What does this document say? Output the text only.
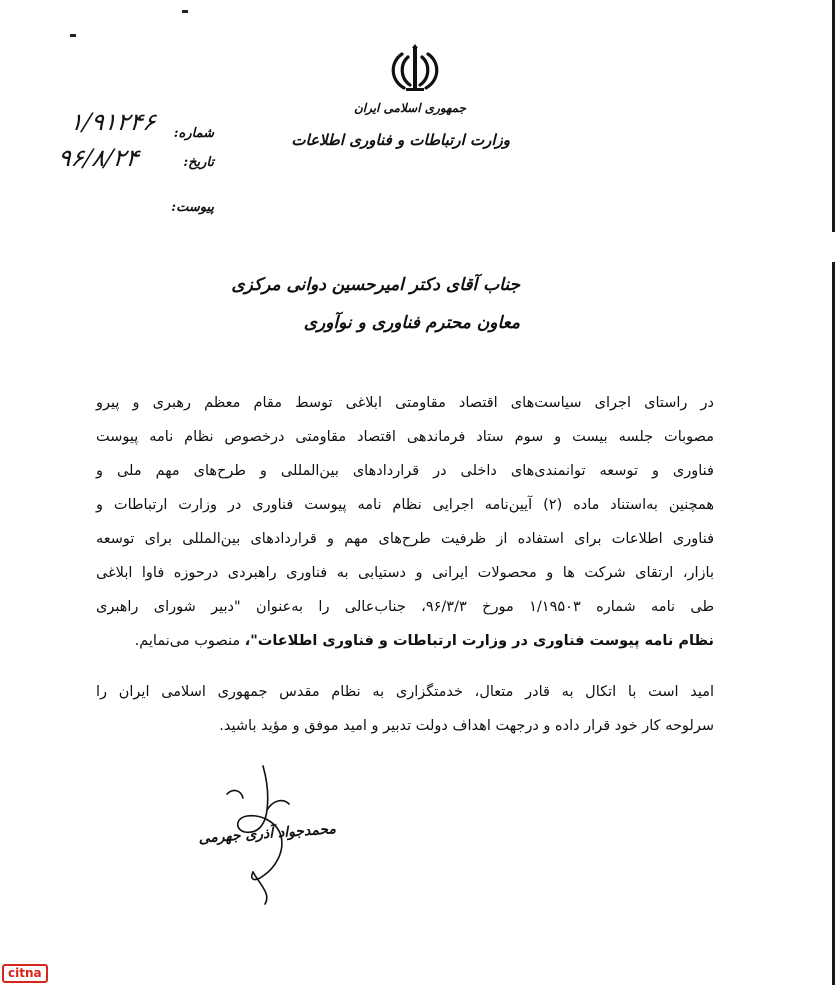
جمهوری اسلامی ایران
وزارت ارتباطات و فناوری اطلاعات
شماره:
تاریخ:
پیوست:
۱/۹۱۲۴۶
۹۶/۸/۲۴
جناب آقای دکتر امیرحسین دوانی مرکزی
معاون محترم فناوری و نوآوری
در راستای اجرای سیاست‌های اقتصاد مقاومتی ابلاغی توسط مقام معظم رهبری و پیرو
مصوبات جلسه بیست و سوم ستاد فرماندهی اقتصاد مقاومتی درخصوص نظام نامه پیوست
فناوری و توسعه توانمندی‌های داخلی در قراردادهای بین‌المللی و طرح‌های مهم ملی و
همچنین به‌استناد ماده (۲) آیین‌نامه اجرایی نظام نامه پیوست فناوری در وزارت ارتباطات و
فناوری اطلاعات برای استفاده از ظرفیت طرح‌های مهم و قراردادهای بین‌المللی برای توسعه
بازار، ارتقای شرکت ها و محصولات ایرانی و دستیابی به فناوری راهبردی درحوزه فاوا ابلاغی
طی نامه شماره ۱/۱۹۵۰۳ مورخ ۹۶/۳/۳، جناب‌عالی را به‌عنوان "دبیر شورای راهبری
نظام نامه پیوست فناوری در وزارت ارتباطات و فناوری اطلاعات"، منصوب می‌نمایم.
امید است با اتکال به قادر متعال، خدمتگزاری به نظام مقدس جمهوری اسلامی ایران را
سرلوحه کار خود قرار داده و درجهت اهداف دولت تدبیر و امید موفق و مؤید باشید.
محمدجواد آذری جهرمی
citna
